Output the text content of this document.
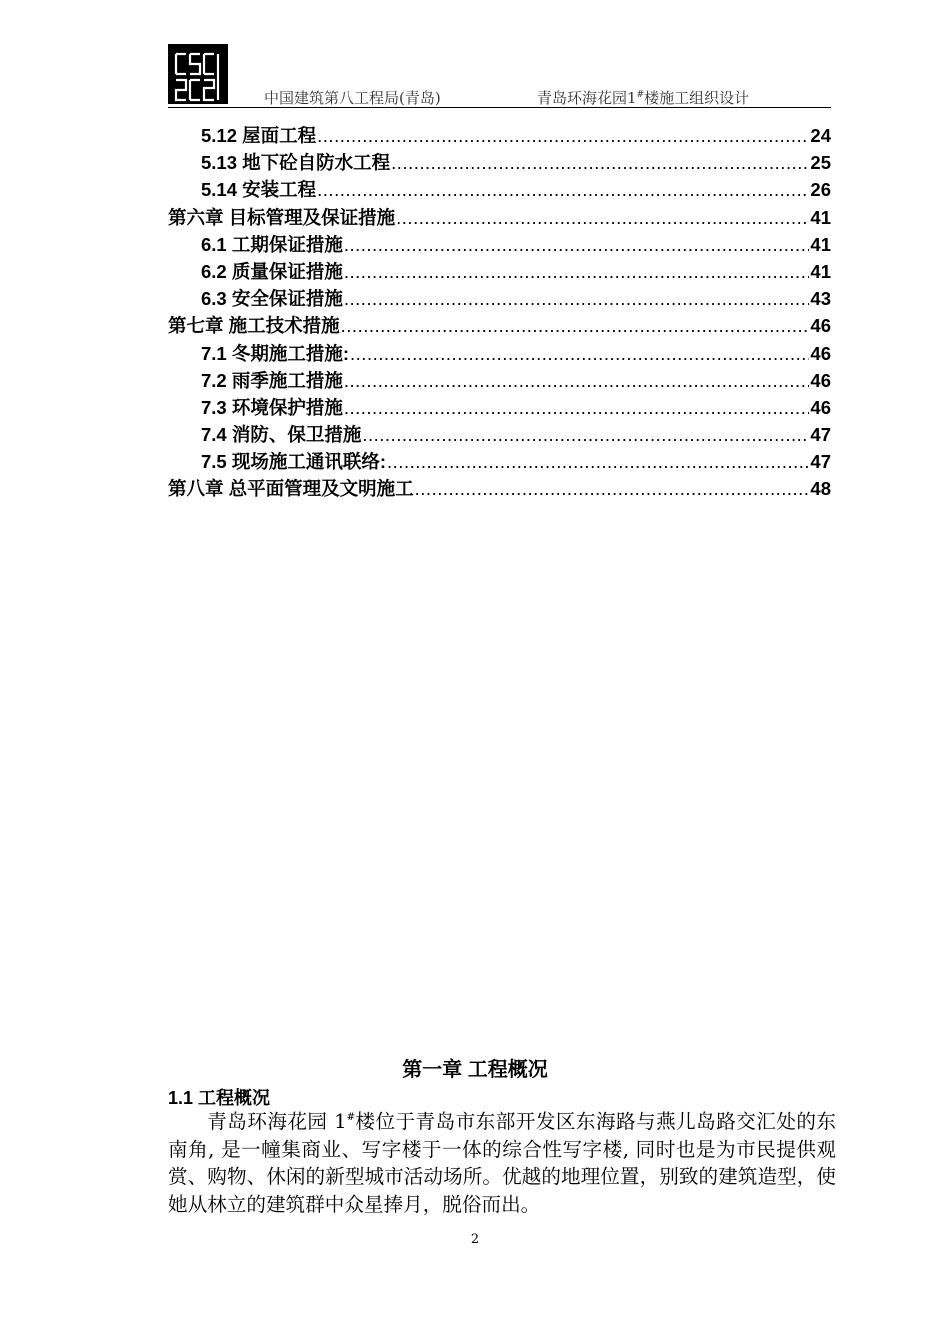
中国建筑第八工程局(青岛)	青岛环海花园1#楼施工组织设计
5.12 屋面工程 .....	24
5.13 地下砼自防水工程 .....	25
5.14 安装工程 .....	26
第六章 目标管理及保证措施 .....	41
6.1 工期保证措施 .....	41
6.2 质量保证措施 .....	41
6.3 安全保证措施 .....	43
第七章 施工技术措施 .....	46
7.1 冬期施工措施: .....	46
7.2 雨季施工措施 .....	46
7.3 环境保护措施 .....	46
7.4 消防、保卫措施 .....	47
7.5 现场施工通讯联络: .....	47
第八章 总平面管理及文明施工 .....	48
第一章 工程概况
1.1 工程概况

青岛环海花园 1#楼位于青岛市东部开发区东海路与燕儿岛路交汇处的东南角, 是一幢集商业、写字楼于一体的综合性写字楼, 同时也是为市民提供观赏、购物、休闲的新型城市活动场所。优越的地理位置，别致的建筑造型，使她从林立的建筑群中众星捧月，脱俗而出。

2
